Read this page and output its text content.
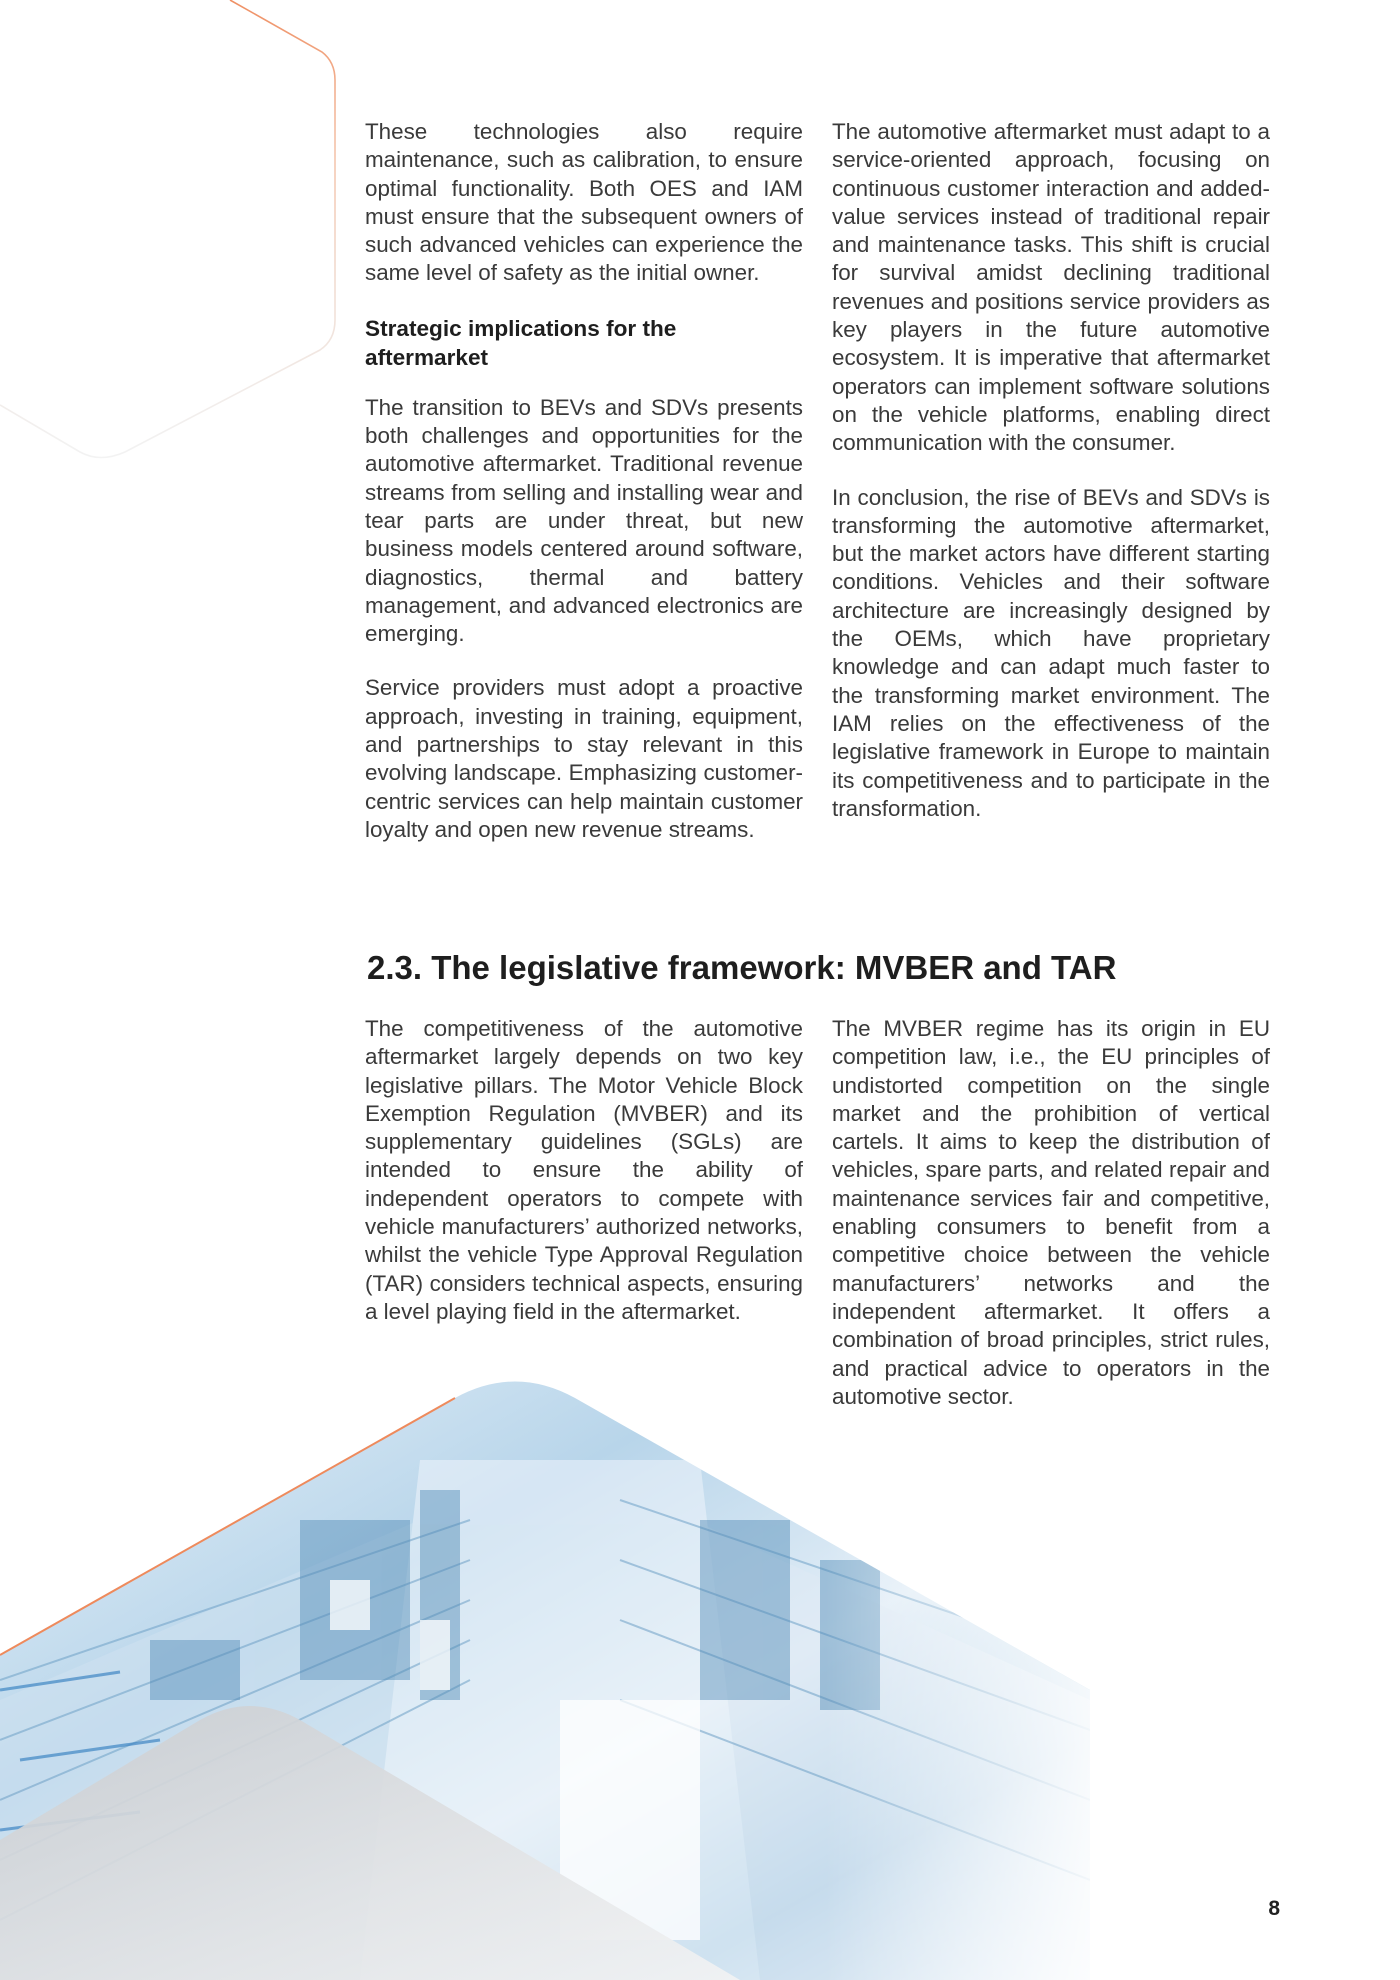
These technologies also require maintenance, such as calibration, to ensure optimal functionality. Both OES and IAM must ensure that the subsequent owners of such advanced vehicles can experience the same level of safety as the initial owner.

Strategic implications for the aftermarket

The transition to BEVs and SDVs presents both challenges and opportunities for the automotive aftermarket. Traditional revenue streams from selling and installing wear and tear parts are under threat, but new business models centered around software, diagnostics, thermal and battery management, and advanced electronics are emerging.

Service providers must adopt a proactive approach, investing in training, equipment, and partnerships to stay relevant in this evolving landscape. Emphasizing customer-centric services can help maintain customer loyalty and open new revenue streams.

The automotive aftermarket must adapt to a service-oriented approach, focusing on continuous customer interaction and added-value services instead of traditional repair and maintenance tasks. This shift is crucial for survival amidst declining traditional revenues and positions service providers as key players in the future automotive ecosystem. It is imperative that aftermarket operators can implement software solutions on the vehicle platforms, enabling direct communication with the consumer.

In conclusion, the rise of BEVs and SDVs is transforming the automotive aftermarket, but the market actors have different starting conditions. Vehicles and their software architecture are increasingly designed by the OEMs, which have proprietary knowledge and can adapt much faster to the transforming market environment. The IAM relies on the effectiveness of the legislative framework in Europe to maintain its competitiveness and to participate in the transformation.

2.3. The legislative framework: MVBER and TAR

The competitiveness of the automotive aftermarket largely depends on two key legislative pillars. The Motor Vehicle Block Exemption Regulation (MVBER) and its supplementary guidelines (SGLs) are intended to ensure the ability of independent operators to compete with vehicle manufacturers’ authorized networks, whilst the vehicle Type Approval Regulation (TAR) considers technical aspects, ensuring a level playing field in the aftermarket.

The MVBER regime has its origin in EU competition law, i.e., the EU principles of undistorted competition on the single market and the prohibition of vertical cartels. It aims to keep the distribution of vehicles, spare parts, and related repair and maintenance services fair and competitive, enabling consumers to benefit from a competitive choice between the vehicle manufacturers’ networks and the independent aftermarket. It offers a combination of broad principles, strict rules, and practical advice to operators in the automotive sector.

8
